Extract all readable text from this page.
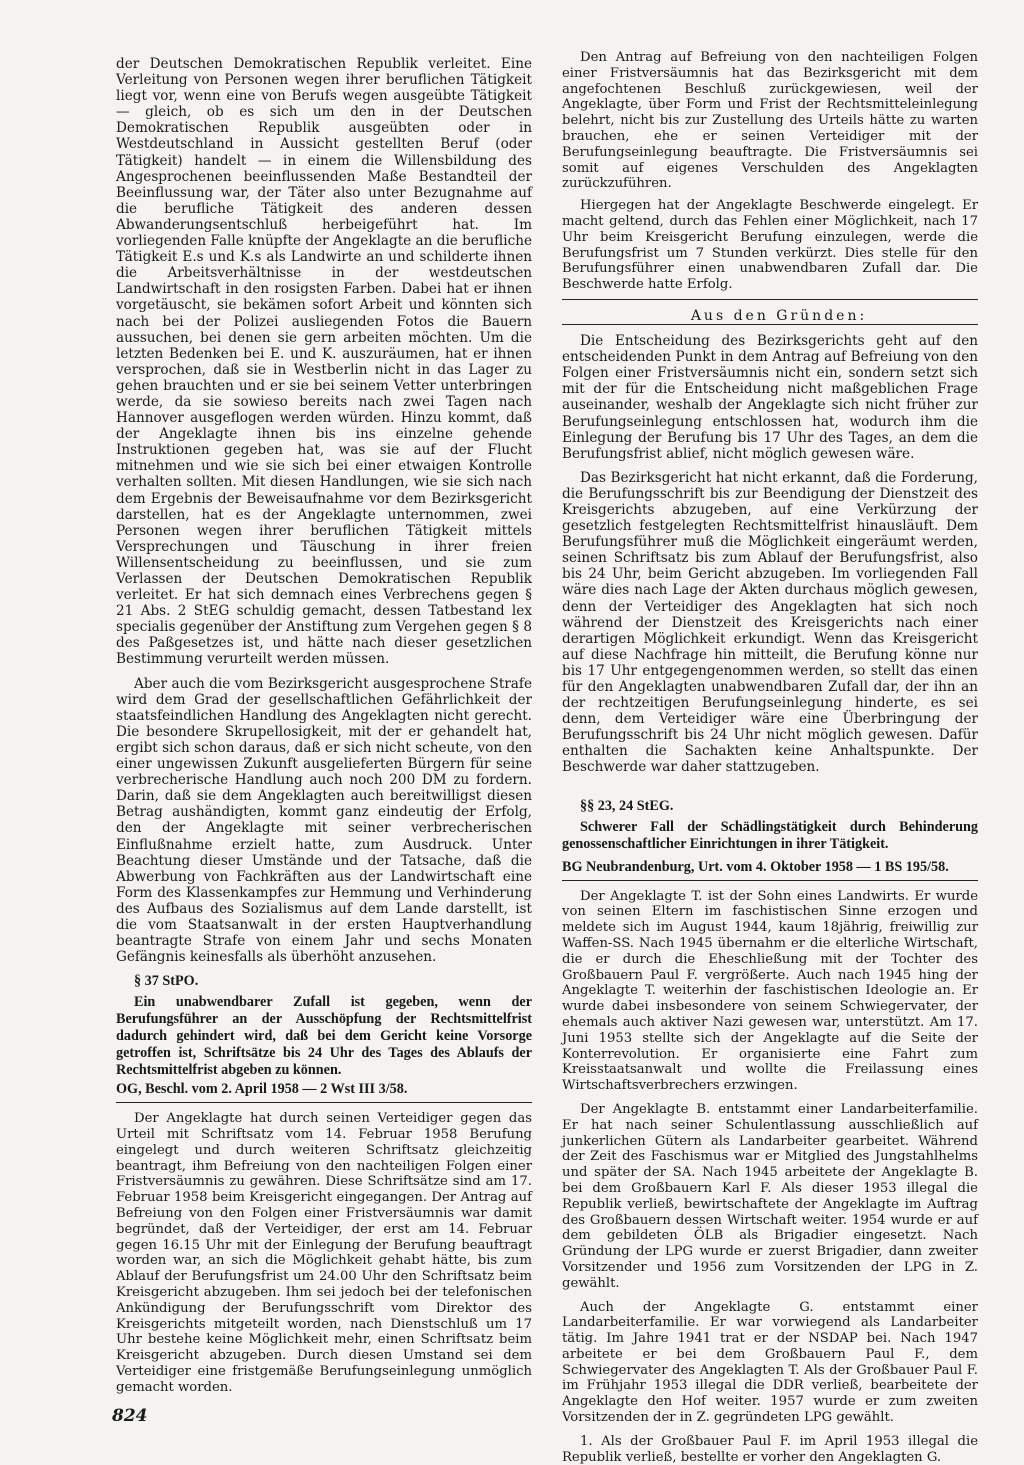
der Deutschen Demokratischen Republik verleitet. Eine Verleitung von Personen wegen ihrer beruflichen Tätigkeit liegt vor, wenn eine von Berufs wegen ausgeübte Tätigkeit — gleich, ob es sich um den in der Deutschen Demokratischen Republik ausgeübten oder in Westdeutschland in Aussicht gestellten Beruf (oder Tätigkeit) handelt — in einem die Willensbildung des Angesprochenen beeinflussenden Maße Bestandteil der Beeinflussung war, der Täter also unter Bezugnahme auf die berufliche Tätigkeit des anderen dessen Abwanderungsentschluß herbeigeführt hat. Im vorliegenden Falle knüpfte der Angeklagte an die berufliche Tätigkeit E.s und K.s als Landwirte an und schilderte ihnen die Arbeitsverhältnisse in der westdeutschen Landwirtschaft in den rosigsten Farben. Dabei hat er ihnen vorgetäuscht, sie bekämen sofort Arbeit und könnten sich nach bei der Polizei ausliegenden Fotos die Bauern aussuchen, bei denen sie gern arbeiten möchten. Um die letzten Bedenken bei E. und K. auszuräumen, hat er ihnen versprochen, daß sie in Westberlin nicht in das Lager zu gehen brauchten und er sie bei seinem Vetter unterbringen werde, da sie sowieso bereits nach zwei Tagen nach Hannover ausgeflogen werden würden. Hinzu kommt, daß der Angeklagte ihnen bis ins einzelne gehende Instruktionen gegeben hat, was sie auf der Flucht mitnehmen und wie sie sich bei einer etwaigen Kontrolle verhalten sollten. Mit diesen Handlungen, wie sie sich nach dem Ergebnis der Beweisaufnahme vor dem Bezirksgericht darstellen, hat es der Angeklagte unternommen, zwei Personen wegen ihrer beruflichen Tätigkeit mittels Versprechungen und Täuschung in ihrer freien Willensentscheidung zu beeinflussen, und sie zum Verlassen der Deutschen Demokratischen Republik verleitet. Er hat sich demnach eines Verbrechens gegen § 21 Abs. 2 StEG schuldig gemacht, dessen Tatbestand lex specialis gegenüber der Anstiftung zum Vergehen gegen § 8 des Paßgesetzes ist, und hätte nach dieser gesetzlichen Bestimmung verurteilt werden müssen.

Aber auch die vom Bezirksgericht ausgesprochene Strafe wird dem Grad der gesellschaftlichen Gefährlichkeit der staatsfeindlichen Handlung des Angeklagten nicht gerecht. Die besondere Skrupellosigkeit, mit der er gehandelt hat, ergibt sich schon daraus, daß er sich nicht scheute, von den einer ungewissen Zukunft ausgelieferten Bürgern für seine verbrecherische Handlung auch noch 200 DM zu fordern. Darin, daß sie dem Angeklagten auch bereitwilligst diesen Betrag aushändigten, kommt ganz eindeutig der Erfolg, den der Angeklagte mit seiner verbrecherischen Einflußnahme erzielt hatte, zum Ausdruck. Unter Beachtung dieser Umstände und der Tatsache, daß die Abwerbung von Fachkräften aus der Landwirtschaft eine Form des Klassenkampfes zur Hemmung und Verhinderung des Aufbaus des Sozialismus auf dem Lande darstellt, ist die vom Staatsanwalt in der ersten Hauptverhandlung beantragte Strafe von einem Jahr und sechs Monaten Gefängnis keinesfalls als überhöht anzusehen.

§ 37 StPO.

Ein unabwendbarer Zufall ist gegeben, wenn der Berufungsführer an der Ausschöpfung der Rechtsmittelfrist dadurch gehindert wird, daß bei dem Gericht keine Vorsorge getroffen ist, Schriftsätze bis 24 Uhr des Tages des Ablaufs der Rechtsmittelfrist abgeben zu können.

OG, Beschl. vom 2. April 1958 — 2 Wst III 3/58.

Der Angeklagte hat durch seinen Verteidiger gegen das Urteil mit Schriftsatz vom 14. Februar 1958 Berufung eingelegt und durch weiteren Schriftsatz gleichzeitig beantragt, ihm Befreiung von den nachteiligen Folgen einer Fristversäumnis zu gewähren. Diese Schriftsätze sind am 17. Februar 1958 beim Kreisgericht eingegangen. Der Antrag auf Befreiung von den Folgen einer Fristversäumnis war damit begründet, daß der Verteidiger, der erst am 14. Februar gegen 16.15 Uhr mit der Einlegung der Berufung beauftragt worden war, an sich die Möglichkeit gehabt hätte, bis zum Ablauf der Berufungsfrist um 24.00 Uhr den Schriftsatz beim Kreisgericht abzugeben. Ihm sei jedoch bei der telefonischen Ankündigung der Berufungsschrift vom Direktor des Kreisgerichts mitgeteilt worden, nach Dienstschluß um 17 Uhr bestehe keine Möglichkeit mehr, einen Schriftsatz beim Kreisgericht abzugeben. Durch diesen Umstand sei dem Verteidiger eine fristgemäße Berufungseinlegung unmöglich gemacht worden.

Den Antrag auf Befreiung von den nachteiligen Folgen einer Fristversäumnis hat das Bezirksgericht mit dem angefochtenen Beschluß zurückgewiesen, weil der Angeklagte, über Form und Frist der Rechtsmitteleinlegung belehrt, nicht bis zur Zustellung des Urteils hätte zu warten brauchen, ehe er seinen Verteidiger mit der Berufungseinlegung beauftragte. Die Fristversäumnis sei somit auf eigenes Verschulden des Angeklagten zurückzuführen.

Hiergegen hat der Angeklagte Beschwerde eingelegt. Er macht geltend, durch das Fehlen einer Möglichkeit, nach 17 Uhr beim Kreisgericht Berufung einzulegen, werde die Berufungsfrist um 7 Stunden verkürzt. Dies stelle für den Berufungsführer einen unabwendbaren Zufall dar. Die Beschwerde hatte Erfolg.

Aus den Gründen:

Die Entscheidung des Bezirksgerichts geht auf den entscheidenden Punkt in dem Antrag auf Befreiung von den Folgen einer Fristversäumnis nicht ein, sondern setzt sich mit der für die Entscheidung nicht maßgeblichen Frage auseinander, weshalb der Angeklagte sich nicht früher zur Berufungseinlegung entschlossen hat, wodurch ihm die Einlegung der Berufung bis 17 Uhr des Tages, an dem die Berufungsfrist ablief, nicht möglich gewesen wäre.

Das Bezirksgericht hat nicht erkannt, daß die Forderung, die Berufungsschrift bis zur Beendigung der Dienstzeit des Kreisgerichts abzugeben, auf eine Verkürzung der gesetzlich festgelegten Rechtsmittelfrist hinausläuft. Dem Berufungsführer muß die Möglichkeit eingeräumt werden, seinen Schriftsatz bis zum Ablauf der Berufungsfrist, also bis 24 Uhr, beim Gericht abzugeben. Im vorliegenden Fall wäre dies nach Lage der Akten durchaus möglich gewesen, denn der Verteidiger des Angeklagten hat sich noch während der Dienstzeit des Kreisgerichts nach einer derartigen Möglichkeit erkundigt. Wenn das Kreisgericht auf diese Nachfrage hin mitteilt, die Berufung könne nur bis 17 Uhr entgegengenommen werden, so stellt das einen für den Angeklagten unabwendbaren Zufall dar, der ihn an der rechtzeitigen Berufungseinlegung hinderte, es sei denn, dem Verteidiger wäre eine Überbringung der Berufungsschrift bis 24 Uhr nicht möglich gewesen. Dafür enthalten die Sachakten keine Anhaltspunkte. Der Beschwerde war daher stattzugeben.

§§ 23, 24 StEG.

Schwerer Fall der Schädlingstätigkeit durch Behinderung genossenschaftlicher Einrichtungen in ihrer Tätigkeit.

BG Neubrandenburg, Urt. vom 4. Oktober 1958 — 1 BS 195/58.

Der Angeklagte T. ist der Sohn eines Landwirts. Er wurde von seinen Eltern im faschistischen Sinne erzogen und meldete sich im August 1944, kaum 18jährig, freiwillig zur Waffen-SS. Nach 1945 übernahm er die elterliche Wirtschaft, die er durch die Eheschließung mit der Tochter des Großbauern Paul F. vergrößerte. Auch nach 1945 hing der Angeklagte T. weiterhin der faschistischen Ideologie an. Er wurde dabei insbesondere von seinem Schwiegervater, der ehemals auch aktiver Nazi gewesen war, unterstützt. Am 17. Juni 1953 stellte sich der Angeklagte auf die Seite der Konterrevolution. Er organisierte eine Fahrt zum Kreisstaatsanwalt und wollte die Freilassung eines Wirtschaftsverbrechers erzwingen.

Der Angeklagte B. entstammt einer Landarbeiterfamilie. Er hat nach seiner Schulentlassung ausschließlich auf junkerlichen Gütern als Landarbeiter gearbeitet. Während der Zeit des Faschismus war er Mitglied des Jungstahlhelms und später der SA. Nach 1945 arbeitete der Angeklagte B. bei dem Großbauern Karl F. Als dieser 1953 illegal die Republik verließ, bewirtschaftete der Angeklagte im Auftrag des Großbauern dessen Wirtschaft weiter. 1954 wurde er auf dem gebildeten ÖLB als Brigadier eingesetzt. Nach Gründung der LPG wurde er zuerst Brigadier, dann zweiter Vorsitzender und 1956 zum Vorsitzenden der LPG in Z. gewählt.

Auch der Angeklagte G. entstammt einer Landarbeiterfamilie. Er war vorwiegend als Landarbeiter tätig. Im Jahre 1941 trat er der NSDAP bei. Nach 1947 arbeitete er bei dem Großbauern Paul F., dem Schwiegervater des Angeklagten T. Als der Großbauer Paul F. im Frühjahr 1953 illegal die DDR verließ, bearbeitete der Angeklagte den Hof weiter. 1957 wurde er zum zweiten Vorsitzenden der in Z. gegründeten LPG gewählt.

1. Als der Großbauer Paul F. im April 1953 illegal die Republik verließ, bestellte er vorher den Angeklagten G.

824
